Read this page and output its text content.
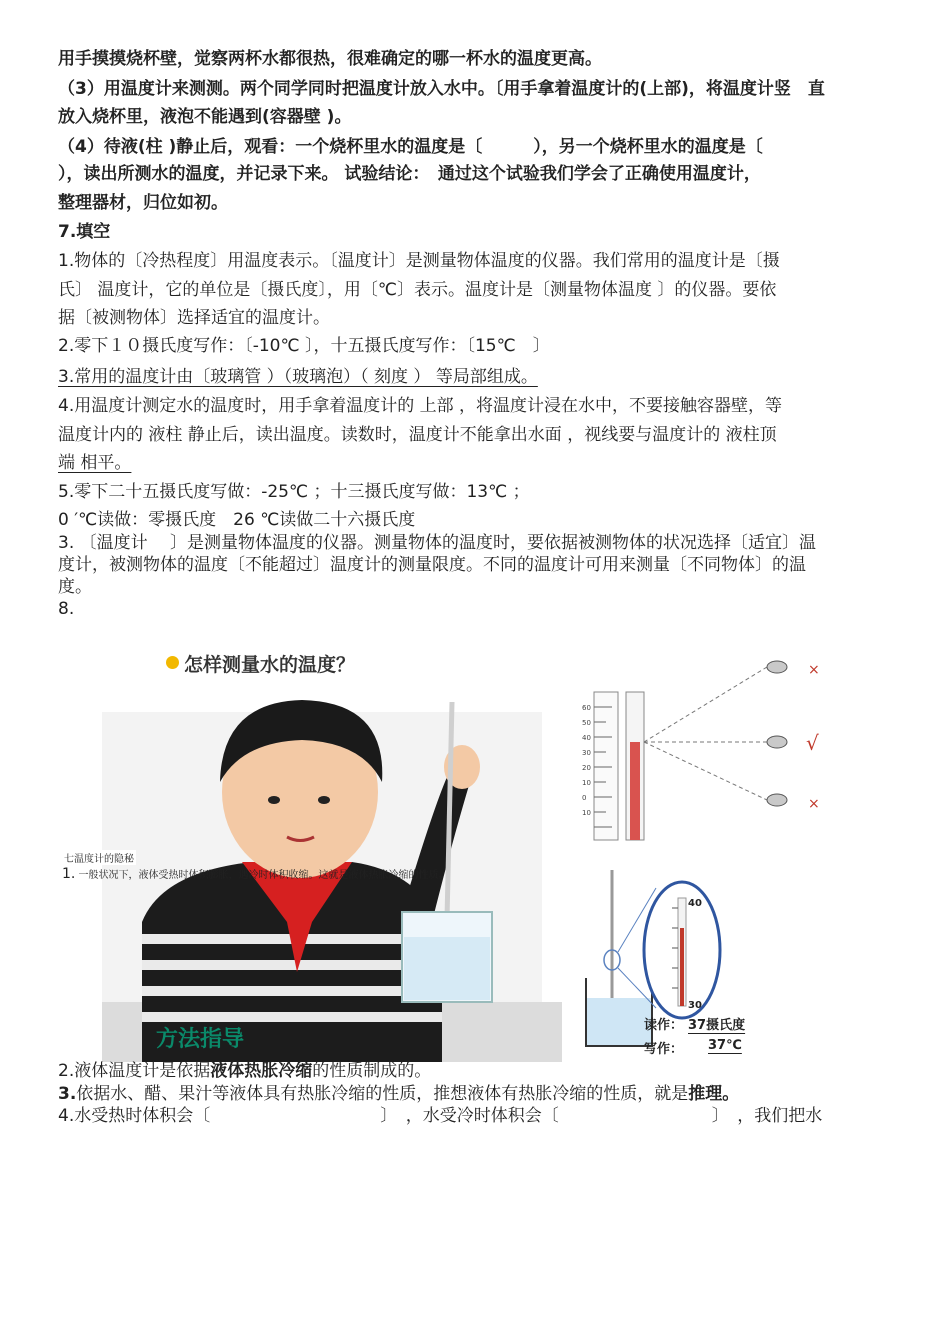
用手摸摸烧杯壁，觉察两杯水都很热，很难确定的哪一杯水的温度更高。
（3）用温度计来测测。两个同学同时把温度计放入水中。〔用手拿着温度计的(上部)，将温度计竖　直
放入烧杯里，液泡不能遇到(容器壁 )。
（4）待液(柱 )静止后，观看：一个烧杯里水的温度是〔　　　），另一个烧杯里水的温度是〔
），读出所测水的温度，并记录下来。 试验结论：　通过这个试验我们学会了正确使用温度计，
整理器材，归位如初。
7.填空
1.物体的〔冷热程度〕用温度表示。〔温度计〕是测量物体温度的仪器。我们常用的温度计是〔摄
氏〕 温度计，它的单位是〔摄氏度〕，用〔℃〕表示。温度计是〔测量物体温度 〕的仪器。要依
据〔被测物体〕选择适宜的温度计。
2.零下１０摄氏度写作：〔-10℃ 〕，十五摄氏度写作：〔15℃　〕
3.常用的温度计由〔玻璃管 ）（玻璃泡）（ 刻度 ） 等局部组成。
4.用温度计测定水的温度时，用手拿着温度计的 上部 ，将温度计浸在水中，不要接触容器壁，等
温度计内的 液柱 静止后，读出温度。读数时，温度计不能拿出水面 ，视线要与温度计的 液柱顶
端 相平。
5.零下二十五摄氏度写做：-25℃ ；十三摄氏度写做：13℃ ；
0 ′℃读做：零摄氏度　26 ℃读做二十六摄氏度
3. 〔温度计　 〕是测量物体温度的仪器。测量物体的温度时，要依据被测物体的状况选择〔适宜〕温
度计，被测物体的温度〔不能超过〕温度计的测量限度。不同的温度计可用来测量〔不同物体〕的温
度。
8.
怎样测量水的温度？
七温度计的隐秘
1. 一般状况下，液体受热时体积膨胀，遇冷时体积收缩。这就是液体热胀冷缩的性质。
方法指导
×
√
×
60
50
40
30
20
10
0
10
40
30
读作： 37摄氏度
写作： 37℃
2.液体温度计是依据液体热胀冷缩的性质制成的。
3.依据水、醋、果汁等液体具有热胀冷缩的性质，推想液体有热胀冷缩的性质，就是推理。
4.水受热时体积会〔　　　　　　　　　　〕　，水受冷时体积会〔　　　　　　　　　〕　，我们把水
